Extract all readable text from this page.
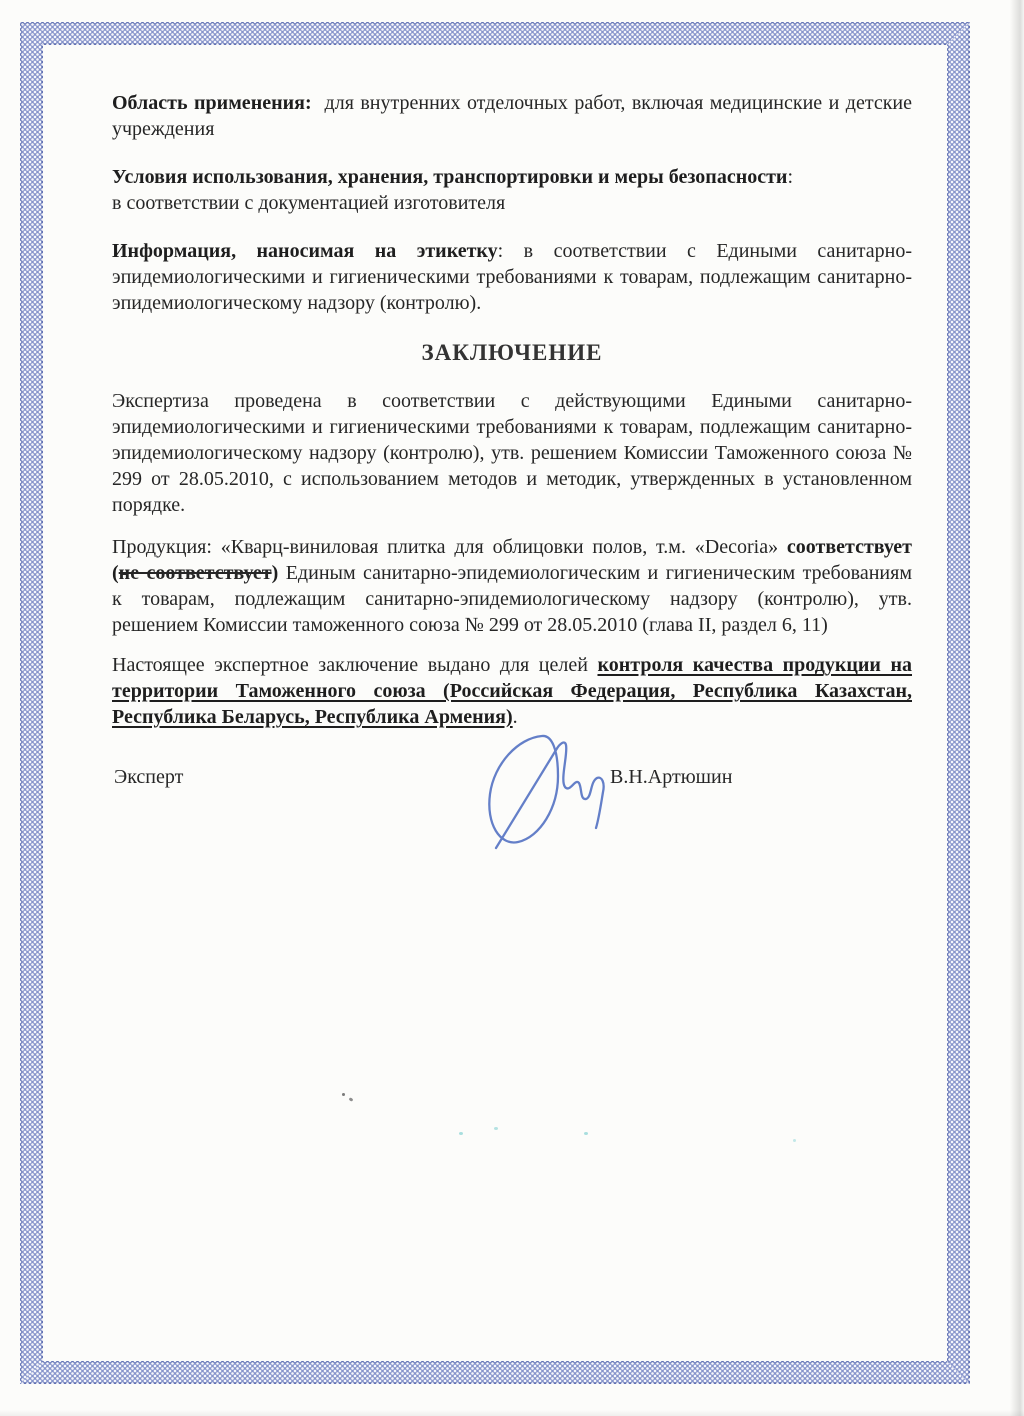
Область применения:  для внутренних отделочных работ, включая медицинские и детские учреждения

Условия использования, хранения, транспортировки и меры безопасности:
в соответствии с документацией изготовителя

Информация, наносимая на этикетку: в соответствии с Едиными санитарно-эпидемиологическими и гигиеническими требованиями к товарам, подлежащим санитарно-эпидемиологическому надзору (контролю).

ЗАКЛЮЧЕНИЕ

Экспертиза проведена в соответствии с действующими Едиными санитарно-эпидемиологическими и гигиеническими требованиями к товарам, подлежащим санитарно-эпидемиологическому надзору (контролю), утв. решением Комиссии Таможенного союза № 299 от 28.05.2010, с использованием методов и методик, утвержденных в установленном порядке.

Продукция: «Кварц-виниловая плитка для облицовки полов, т.м. «Decoria» соответствует (не соответствует) Единым санитарно-эпидемиологическим и гигиеническим требованиям к товарам, подлежащим санитарно-эпидемиологическому надзору (контролю), утв. решением Комиссии таможенного союза № 299 от 28.05.2010 (глава II, раздел 6, 11)

Настоящее экспертное заключение выдано для целей контроля качества продукции на территории Таможенного союза (Российская Федерация, Республика Казахстан, Республика Беларусь, Республика Армения).

Эксперт	В.Н.Артюшин
